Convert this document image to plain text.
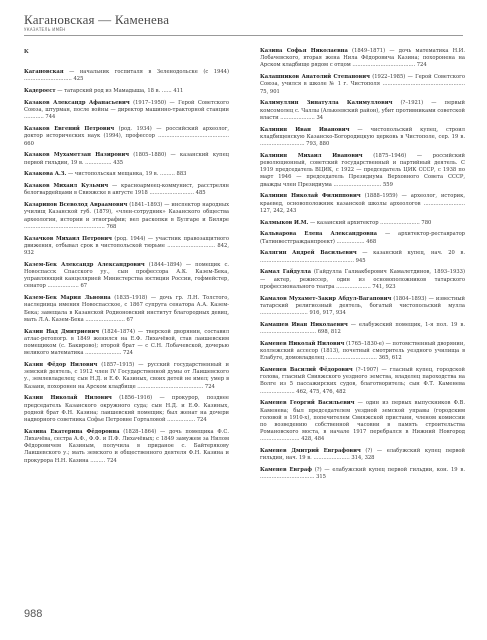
Каганoвская — Каменева
УКАЗАТЕЛЬ ИМЁН
К
Каганoвская — начальник госпиталя в Зеленодольске (с 1944) ............................. 425
Кадероест — татарский род из Мамадыша, 18 в. ...... 411
Казаков Александр Афанасьевич (1917–1950) — Герой Советского Союза, штурман, после войны — директор машинно-тракторной станции ............ 744
Казаков Евгений Петрович (род. 1934) — российский археолог, доктор исторических наук (1994), профессор ........................................... 660
Казаков Мухаметзан Назирович (1805–1880) — казанский купец первой гильдии, 19 в. ................ 435
Казакова А.З. — чистопольская мещанка, 19 в. ......... 883
Казаков Михаил Кузьмич — красноармеец-коммунист, расстрелян белогвардейцами в Свияжске в августе 1918 ........................... 485
Казаринов Всеволод Авраамович (1841–1893) — инспектор народных училищ Казанской губ. (1879), «член-сотрудник» Казанского общества археологии, истории и этнографии; вел раскопки в Булгаре и Биляре ................................................. 768
Казачков Михаил Петрович (род. 1944) — участник правозащитного движения, отбывал срок в чистопольской тюрьме ............................. 842, 932
Казем-Бек Александр Александрович (1844–1894) — помещик с. Новоспасск Спасского уу., сын профессора А.К. Казем-Бека, управляющий канцелярией Министерства юстиции России, гофмейстер, сенатор ................... 67
Казем-Бек Мария Львовна (1835–1918) — дочь гр. Л.Н. Толстого, наследница имения Новоспасское, с 1867 супруга сенатора А.А. Казем-Бека; завещала в Казанской Родионовский институт благородных девиц, мать Л.А. Казем-Бека ........................ 67
Казин Над Дмитриевич (1824–1874) — тверской дворянин, составил атлас-ретопогр. в 1849 женился на Е.Ф. Лихачёвой, став лаишевским помещиком (с. Бакирово); второй брат — с С.Н. Лобачевской, дочерью великого математика ...................... 724
Казин Фёдор Нилович (1857–1915) — русский государственный и земский деятель, с 1912 член IV Государственной думы от Лаишевского у., землевладелец; сын Н.Д. и Е.Ф. Казиных, своих детей не имел; умер в Казани, похоронен на Арском кладбище ........................................ 724
Казин Николай Нилович (1856–1916) — прокурор, позднее председатель Казанского окружного суда; сын Н.Д. и Е.Ф. Казиных, родной брат Ф.Н. Казина; лаишевский помещик; был женат на дочери надворного советника Софье Петровне Горталовой ................. 724
Казина Екатерина Фёдоровна (1828–1864) — дочь помещика Ф.С. Лихачёва, сестра А.Ф., Ф.Ф. и П.Ф. Лихачёвых; с 1849 замужем за Нилом Фёдоровичем Казиным, получила в приданое с. Байтерякову Лаишевского у.; мать земского и общественного деятеля Ф.Н. Казина и прокурора Н.Н. Казина ......... 724
Казина Софья Николаевна (1849–1871) — дочь математика Н.И. Лобачевского, вторая жена Нила Фёдоровича Казина; похоронена на Арском кладбище рядом с отцом ...................................... 724
Калашников Анатолий Степанович (1922–1985) — Герой Советского Союза, учился в школе № 1 г. Чистополя .................................................. 75, 901
Калимуллин Зинатулла Калимуллович (?–1921) — первый комсомолец с. Чаллы (Алькеевский район), убит противниками советской власти ..................... 34
Калинин Иван Иванович — чистопольский купец, строил кладбищенскую Казанско-Богородицкую церковь в Чистополе, сер. 19 в. ........................... 793, 880
Калинин Михаил Иванович (1875–1946) — российский революционный, советский государственный и партийный деятель. С 1919 председатель ВЦИК, с 1922 — председатель ЦИК СССР, с 1938 по март 1946 — председатель Президиума Верховного Совета СССР, дважды член Президиума ............................. 559
Калинин Николай Филиппович (1888–1959) — археолог, историк, краевед, основоположник казанской школы археологов ......................... 127, 242, 243
Калмыков И.М. — казанский архитектор ........................ 780
Кальварова Елена Александровна — архитектор-реставратор (Татинвестгражданпроект) ................. 468
Калягин Андрей Васильевич — казанский купец, нач. 20 в. ......................................................... 945
Камал Гайдулла (Гайдулла Галиакберович Камалетдинов, 1893–1933) — актер, режиссер, один из основоположников татарского профессионального театра ..................... 741, 923
Камалов Мухамет-Закир Абдул-Вагапович (1804–1893) — известный татарский религиозный деятель, богатый чистопольский мулла ............................. 916, 917, 934
Камашев Иван Николаевич — елабужский помещик, 1-я пол. 19 в. .................................. 698, 812
Каменев Николай Нилович (1765–1830-е) — потомственный дворянин, коллежский ассесор (1813), почетный смотритель уездного училища в Елабуге, домовладелец ............................... 365, 612
Каменев Василий Фёдорович (?–1907) — гласный купец, городской голова, гласный Свияжского уездного земства, владелец пароходства на Волге из 5 пассажирских судов, благотворитель; сын Ф.Т. Каменева ..................... 462, 475, 476, 482
Каменев Георгий Васильевич — один из первых выпускников Ф.В. Каменева; был председателем уездной земской управы (городским головой в 1910-х), попечителем Свияжской пристани, членом комиссии по возведению собственной часовни в память строительства Романовского моста, в начале 1917 перебрался в Нижний Новгород ........................ 428, 484
Каменев Дмитрий Евграфович (?) — елабужский купец первой гильдии, нач. 19 в. ...................... 314, 328
Каменев Евграф (?) — елабужский купец первой гильдии, кон. 19 в. ................................. 315
988
